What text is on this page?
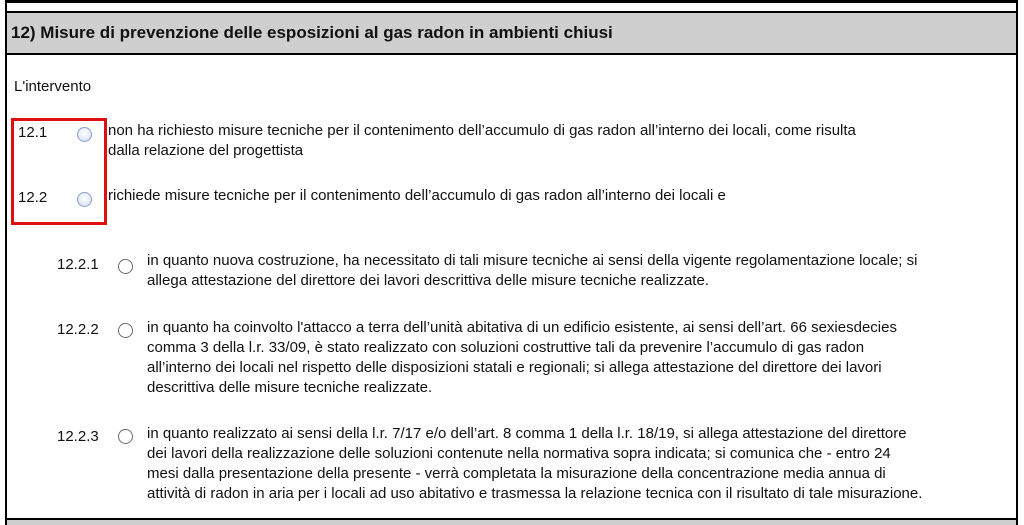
12) Misure di prevenzione delle esposizioni al gas radon in ambienti chiusi
L'intervento
12.1	non ha richiesto misure tecniche per il contenimento dell’accumulo di gas radon all’interno dei locali, come risulta
dalla relazione del progettista
12.2	richiede misure tecniche per il contenimento dell’accumulo di gas radon all’interno dei locali e
12.2.1	in quanto nuova costruzione, ha necessitato di tali misure tecniche ai sensi della vigente regolamentazione locale; si
allega attestazione del direttore dei lavori descrittiva delle misure tecniche realizzate.
12.2.2	in quanto ha coinvolto l'attacco a terra dell’unità abitativa di un edificio esistente, ai sensi dell’art. 66 sexiesdecies
comma 3 della l.r. 33/09, è stato realizzato con soluzioni costruttive tali da prevenire l’accumulo di gas radon
all’interno dei locali nel rispetto delle disposizioni statali e regionali; si allega attestazione del direttore dei lavori
descrittiva delle misure tecniche realizzate.
12.2.3	in quanto realizzato ai sensi della l.r. 7/17 e/o dell’art. 8 comma 1 della l.r. 18/19, si allega attestazione del direttore
dei lavori della realizzazione delle soluzioni contenute nella normativa sopra indicata; si comunica che - entro 24
mesi dalla presentazione della presente - verrà completata la misurazione della concentrazione media annua di
attività di radon in aria per i locali ad uso abitativo e trasmessa la relazione tecnica con il risultato di tale misurazione.
